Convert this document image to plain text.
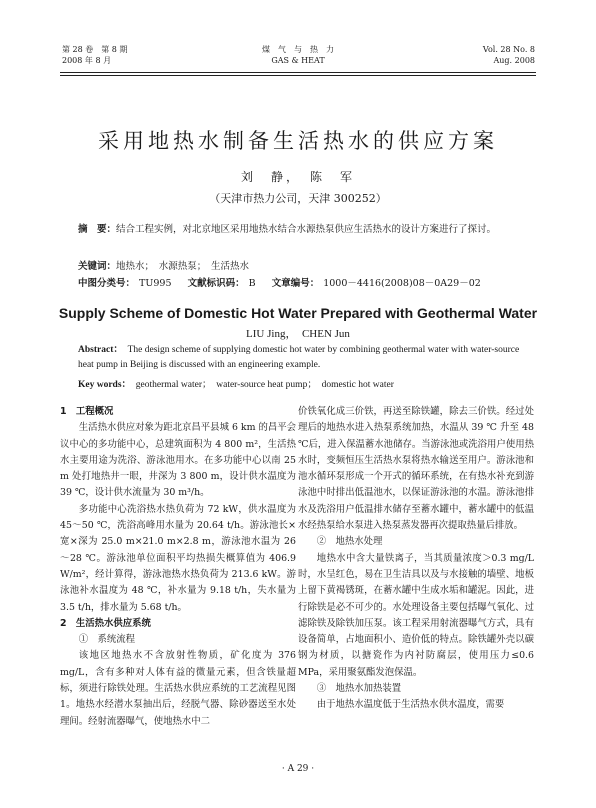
第 28 卷　第 8 期
2008 年 8 月
煤　气　与　热　力
GAS & HEAT
Vol. 28 No. 8
Aug. 2008
采用地热水制备生活热水的供应方案
刘　静，　陈　军
（天津市热力公司，天津 300252）
摘　要：结合工程实例，对北京地区采用地热水结合水源热泵供应生活热水的设计方案进行了探讨。
关键词：地热水；　水源热泵；　生活热水
中图分类号： TU995 文献标识码： B 文章编号： 1000－4416(2008)08－0A29－02
Supply Scheme of Domestic Hot Water Prepared with Geothermal Water
LIU Jing，　CHEN Jun
Abstract： The design scheme of supplying domestic hot water by combining geothermal water with water-source heat pump in Beijing is discussed with an engineering example.
Key words： geothermal water；　water-source heat pump；　domestic hot water

1　工程概况

生活热水供应对象为距北京昌平县城 6 km 的昌平会议中心的多功能中心，总建筑面积为 4 800 m²，生活热水主要用途为洗浴、游泳池用水。在多功能中心以南 25 m 处打地热井一眼，井深为 3 800 m，设计供水温度为 39 ℃，设计供水流量为 30 m³/h。

多功能中心洗浴热水热负荷为 72 kW，供水温度为 45～50 ℃，洗浴高峰用水量为 20.64 t/h。游泳池长×宽×深为 25.0 m×21.0 m×2.8 m，游泳池水温为 26～28 ℃。游泳池单位面积平均热损失概算值为 406.9 W/m²，经计算得，游泳池热水热负荷为 213.6 kW。游泳池补水温度为 48 ℃，补水量为 9.18 t/h，失水量为 3.5 t/h，排水量为 5.68 t/h。

2　生活热水供应系统

①　系统流程

该地区地热水不含放射性物质，矿化度为 376 mg/L，含有多种对人体有益的微量元素，但含铁量超标，须进行除铁处理。生活热水供应系统的工艺流程见图 1。地热水经潜水泵抽出后，经脱气器、除砂器送至水处理间。经射流器曝气，使地热水中二

价铁氧化成三价铁，再送至除铁罐，除去三价铁。经过处理后的地热水进入热泵系统加热，水温从 39 ℃ 升至 48 ℃后，进入保温蓄水池储存。当游泳池或洗浴用户使用热水时，变频恒压生活热水泵将热水输送至用户。游泳池和池水循环泵形成一个开式的循环系统，在有热水补充到游泳池中时排出低温池水，以保证游泳池的水温。游泳池排水及洗浴用户低温排水储存至蓄水罐中，蓄水罐中的低温水经热泵给水泵进入热泵蒸发器再次提取热量后排放。

②　地热水处理

地热水中含大量铁离子，当其质量浓度＞0.3 mg/L 时，水呈红色，易在卫生洁具以及与水接触的墙壁、地板上留下黄褐锈斑，在蓄水罐中生成水垢和罐泥。因此，进行除铁是必不可少的。水处理设备主要包括曝气氧化、过滤除铁及除铁加压泵。该工程采用射流器曝气方式，具有设备简单，占地面积小、造价低的特点。除铁罐外壳以碳钢为材质，以搪瓷作为内衬防腐层，使用压力≤0.6 MPa，采用聚氨酯发泡保温。

③　地热水加热装置

由于地热水温度低于生活热水供水温度，需要

· A 29 ·
